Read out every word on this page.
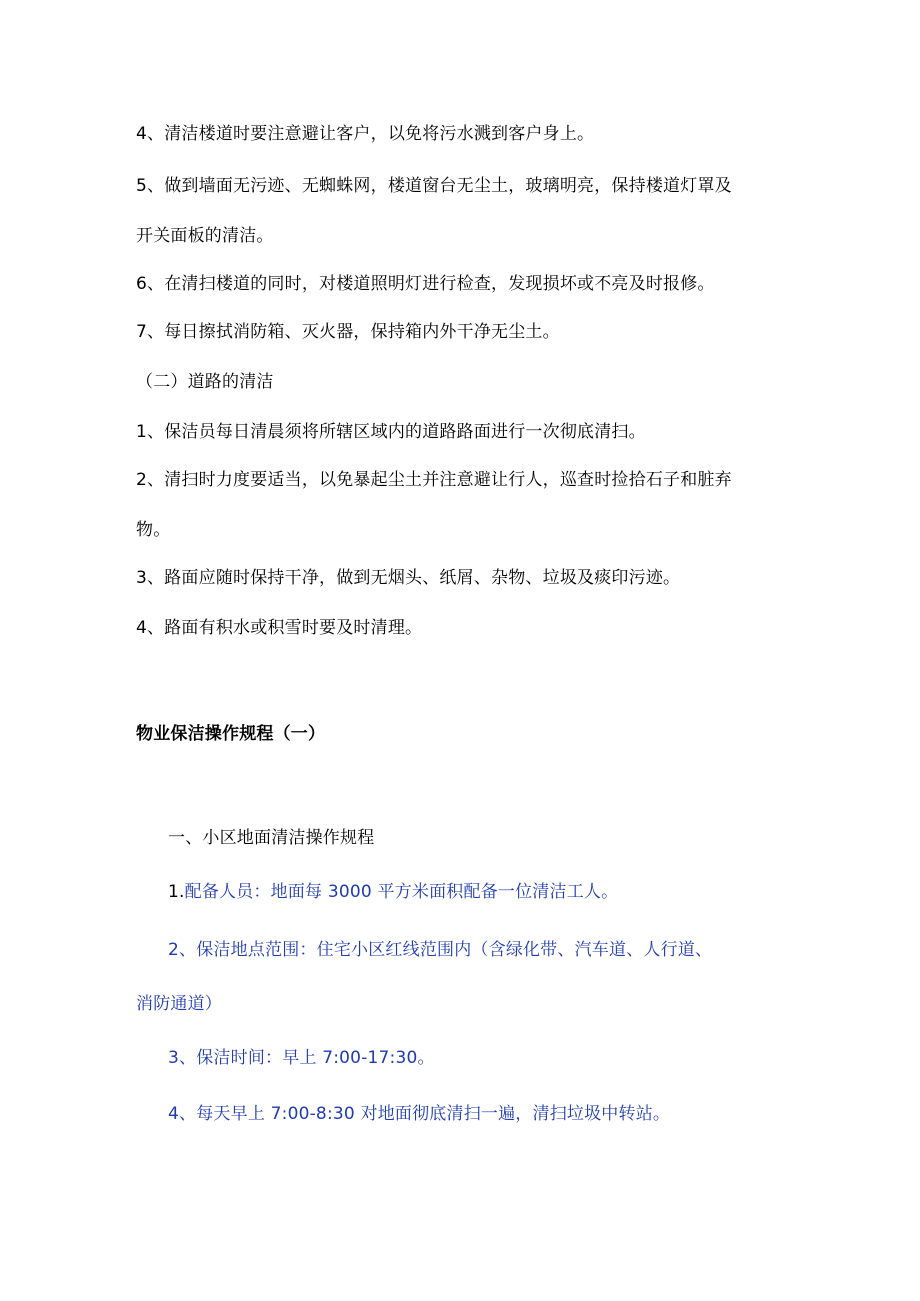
4、清洁楼道时要注意避让客户，以免将污水溅到客户身上。
5、做到墙面无污迹、无蜘蛛网，楼道窗台无尘土，玻璃明亮，保持楼道灯罩及
开关面板的清洁。
6、在清扫楼道的同时，对楼道照明灯进行检查，发现损坏或不亮及时报修。
7、每日擦拭消防箱、灭火器，保持箱内外干净无尘土。
（二）道路的清洁
1、保洁员每日清晨须将所辖区域内的道路路面进行一次彻底清扫。
2、清扫时力度要适当，以免暴起尘土并注意避让行人，巡查时捡拾石子和脏弃
物。
3、路面应随时保持干净，做到无烟头、纸屑、杂物、垃圾及痰印污迹。
4、路面有积水或积雪时要及时清理。
物业保洁操作规程（一）
一、小区地面清洁操作规程
1.配备人员：地面每 3000 平方米面积配备一位清洁工人。
2、保洁地点范围：住宅小区红线范围内（含绿化带、汽车道、人行道、
消防通道）
3、保洁时间：早上 7:00-17:30。
4、每天早上 7:00-8:30 对地面彻底清扫一遍，清扫垃圾中转站。
